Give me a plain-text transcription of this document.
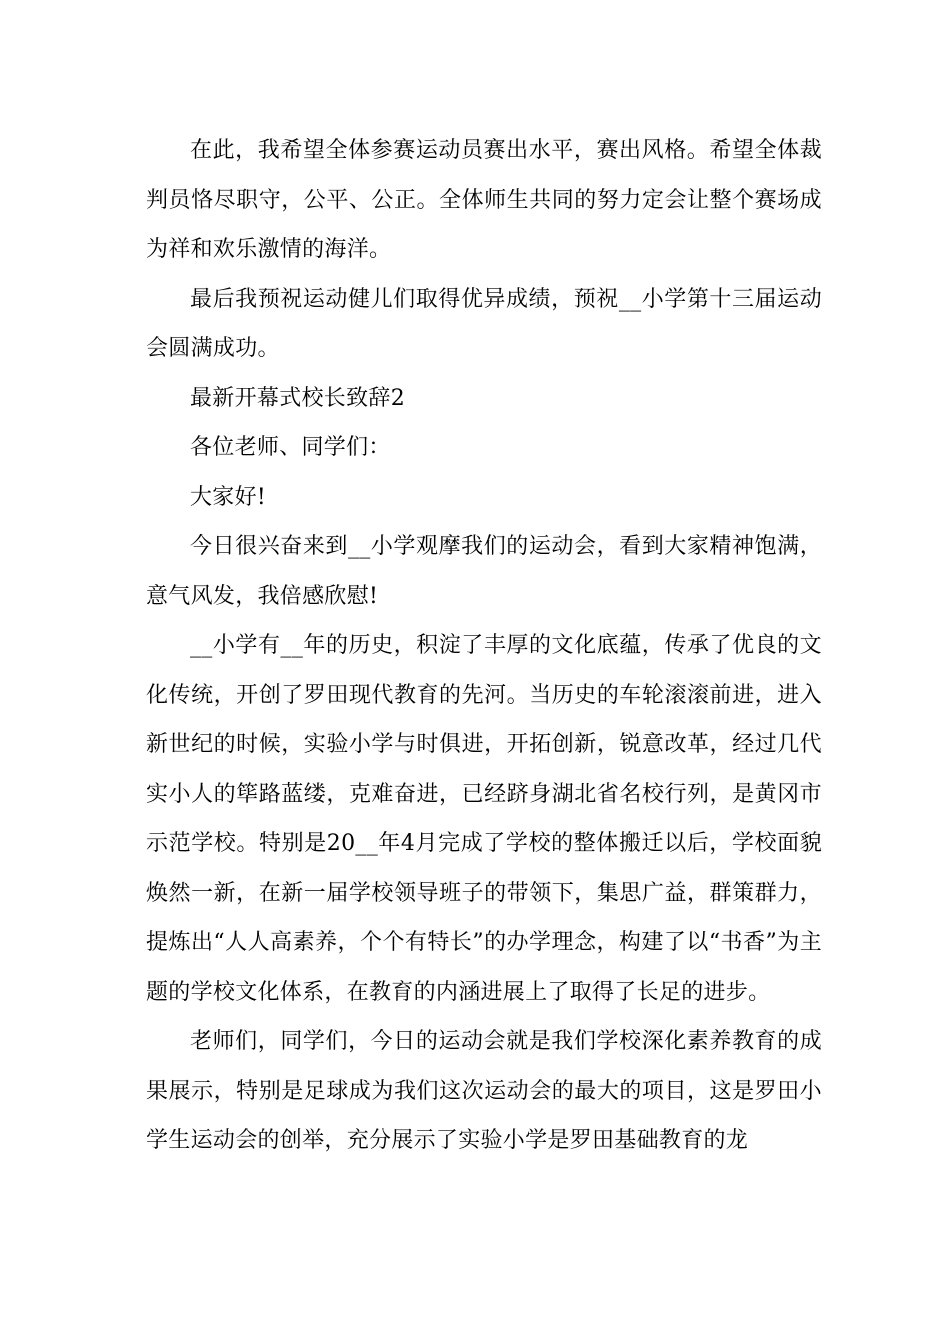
在此，我希望全体参赛运动员赛出水平，赛出风格。希望全体裁判员恪尽职守，公平、公正。全体师生共同的努力定会让整个赛场成为祥和欢乐激情的海洋。

最后我预祝运动健儿们取得优异成绩，预祝__小学第十三届运动会圆满成功。

最新开幕式校长致辞2

各位老师、同学们：

大家好!

今日很兴奋来到__小学观摩我们的运动会，看到大家精神饱满，意气风发，我倍感欣慰!

__小学有__年的历史，积淀了丰厚的文化底蕴，传承了优良的文化传统，开创了罗田现代教育的先河。当历史的车轮滚滚前进，进入新世纪的时候，实验小学与时俱进，开拓创新，锐意改革，经过几代实小人的筚路蓝缕，克难奋进，已经跻身湖北省名校行列，是黄冈市示范学校。特别是20__年4月完成了学校的整体搬迁以后，学校面貌焕然一新，在新一届学校领导班子的带领下，集思广益，群策群力，提炼出“人人高素养，个个有特长”的办学理念，构建了以“书香”为主题的学校文化体系，在教育的内涵进展上了取得了长足的进步。

老师们，同学们，今日的运动会就是我们学校深化素养教育的成果展示，特别是足球成为我们这次运动会的最大的项目，这是罗田小学生运动会的创举，充分展示了实验小学是罗田基础教育的龙
